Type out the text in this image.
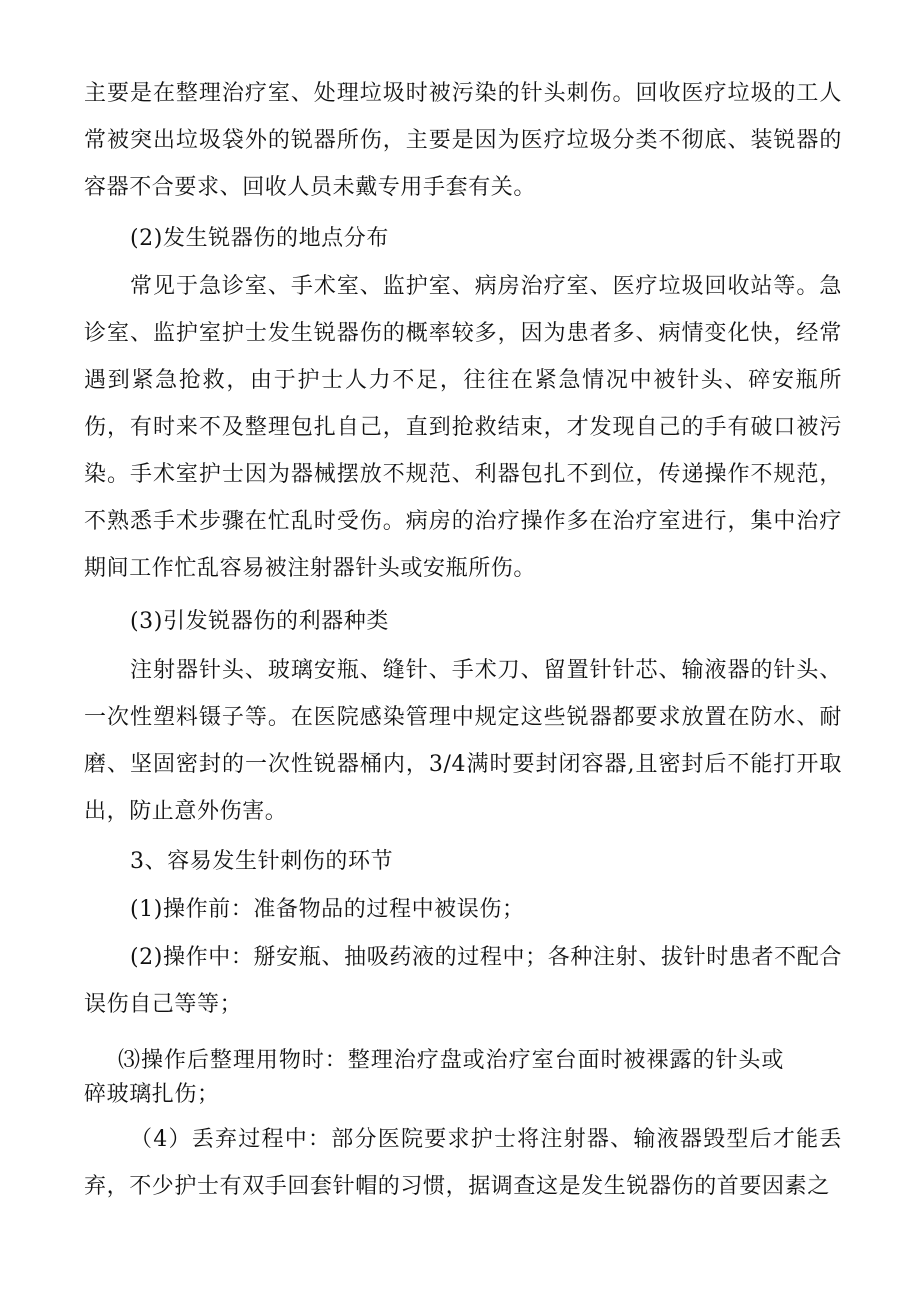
主要是在整理治疗室、处理垃圾时被污染的针头刺伤。回收医疗垃圾的工人常被突出垃圾袋外的锐器所伤，主要是因为医疗垃圾分类不彻底、装锐器的容器不合要求、回收人员未戴专用手套有关。

(2)发生锐器伤的地点分布

常见于急诊室、手术室、监护室、病房治疗室、医疗垃圾回收站等。急诊室、监护室护士发生锐器伤的概率较多，因为患者多、病情变化快，经常遇到紧急抢救，由于护士人力不足，往往在紧急情况中被针头、碎安瓶所伤，有时来不及整理包扎自己，直到抢救结束，才发现自己的手有破口被污染。手术室护士因为器械摆放不规范、利器包扎不到位，传递操作不规范，不熟悉手术步骤在忙乱时受伤。病房的治疗操作多在治疗室进行，集中治疗期间工作忙乱容易被注射器针头或安瓶所伤。

(3)引发锐器伤的利器种类

注射器针头、玻璃安瓶、缝针、手术刀、留置针针芯、输液器的针头、一次性塑料镊子等。在医院感染管理中规定这些锐器都要求放置在防水、耐磨、坚固密封的一次性锐器桶内，3/4满时要封闭容器,且密封后不能打开取出，防止意外伤害。

3、容易发生针刺伤的环节

(1)操作前：准备物品的过程中被误伤；

(2)操作中：掰安瓶、抽吸药液的过程中；各种注射、拔针时患者不配合误伤自己等等；

⑶操作后整理用物时：整理治疗盘或治疗室台面时被裸露的针头或碎玻璃扎伤；

（4）丢弃过程中：部分医院要求护士将注射器、输液器毁型后才能丢弃，不少护士有双手回套针帽的习惯，据调查这是发生锐器伤的首要因素之
